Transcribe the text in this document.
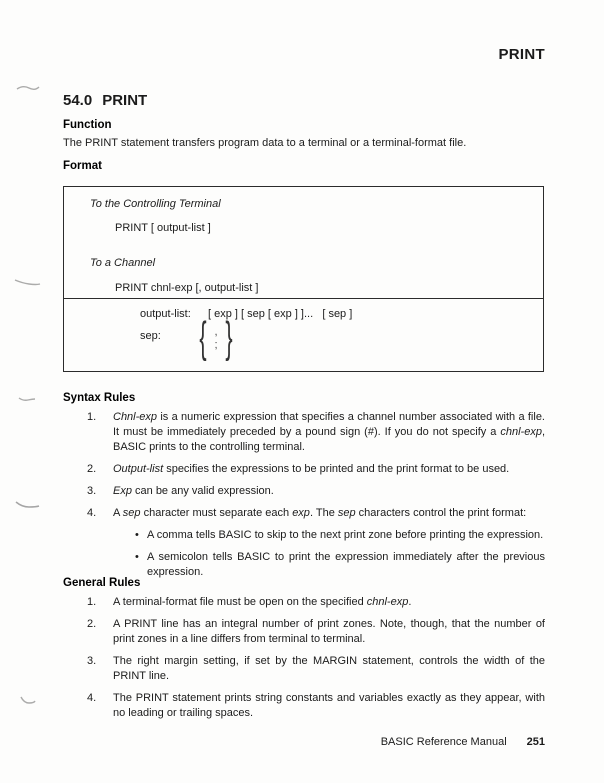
PRINT
54.0 PRINT
Function
The PRINT statement transfers program data to a terminal or a terminal-format file.
Format
To the Controlling Terminal
PRINT [ output-list ]
To a Channel
PRINT chnl-exp [, output-list ]
output-list: [ exp ] [ sep [ exp ] ]...   [ sep ]
sep: { ,
; }
Syntax Rules
1.	Chnl-exp is a numeric expression that specifies a channel number associated with a file. It must be immediately preceded by a pound sign (#). If you do not specify a chnl-exp, BASIC prints to the controlling terminal.
2.	Output-list specifies the expressions to be printed and the print format to be used.
3.	Exp can be any valid expression.
4.	A sep character must separate each exp. The sep characters control the print format:
• A comma tells BASIC to skip to the next print zone before printing the expression.
• A semicolon tells BASIC to print the expression immediately after the previous expression.
General Rules
1.	A terminal-format file must be open on the specified chnl-exp.
2.	A PRINT line has an integral number of print zones. Note, though, that the number of print zones in a line differs from terminal to terminal.
3.	The right margin setting, if set by the MARGIN statement, controls the width of the PRINT line.
4.	The PRINT statement prints string constants and variables exactly as they appear, with no leading or trailing spaces.
BASIC Reference Manual 251
